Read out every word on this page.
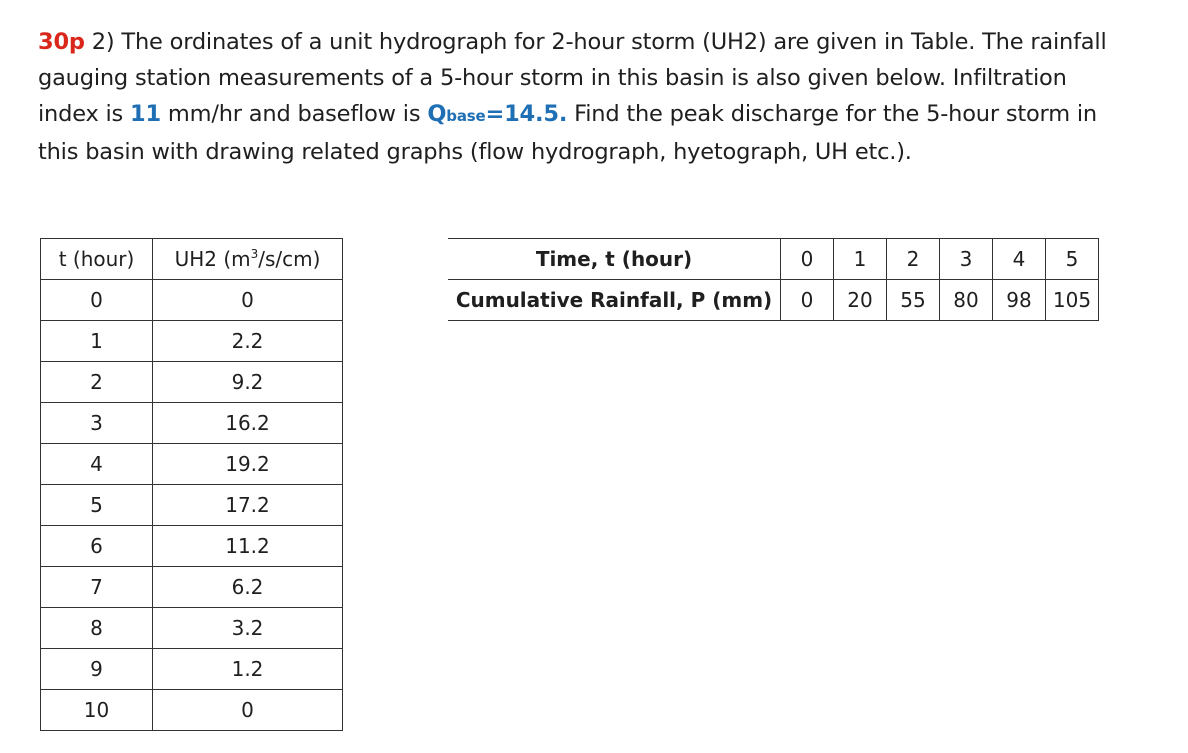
30p 2) The ordinates of a unit hydrograph for 2-hour storm (UH2) are given in Table. The rainfall
gauging station measurements of a 5-hour storm in this basin is also given below. Infiltration
index is 11 mm/hr and baseflow is Qbase=14.5. Find the peak discharge for the 5-hour storm in
this basin with drawing related graphs (flow hydrograph, hyetograph, UH etc.).
t (hour)	UH2 $(m^3/s/cm)$
0	0
1	2.2
2	9.2
3	16.2
4	19.2
5	17.2
6	11.2
7	6.2
8	3.2
9	1.2
10	0
Time, t (hour)	0	1	2	3	4	5
Cumulative Rainfall, P (mm)	0	20	55	80	98	105
